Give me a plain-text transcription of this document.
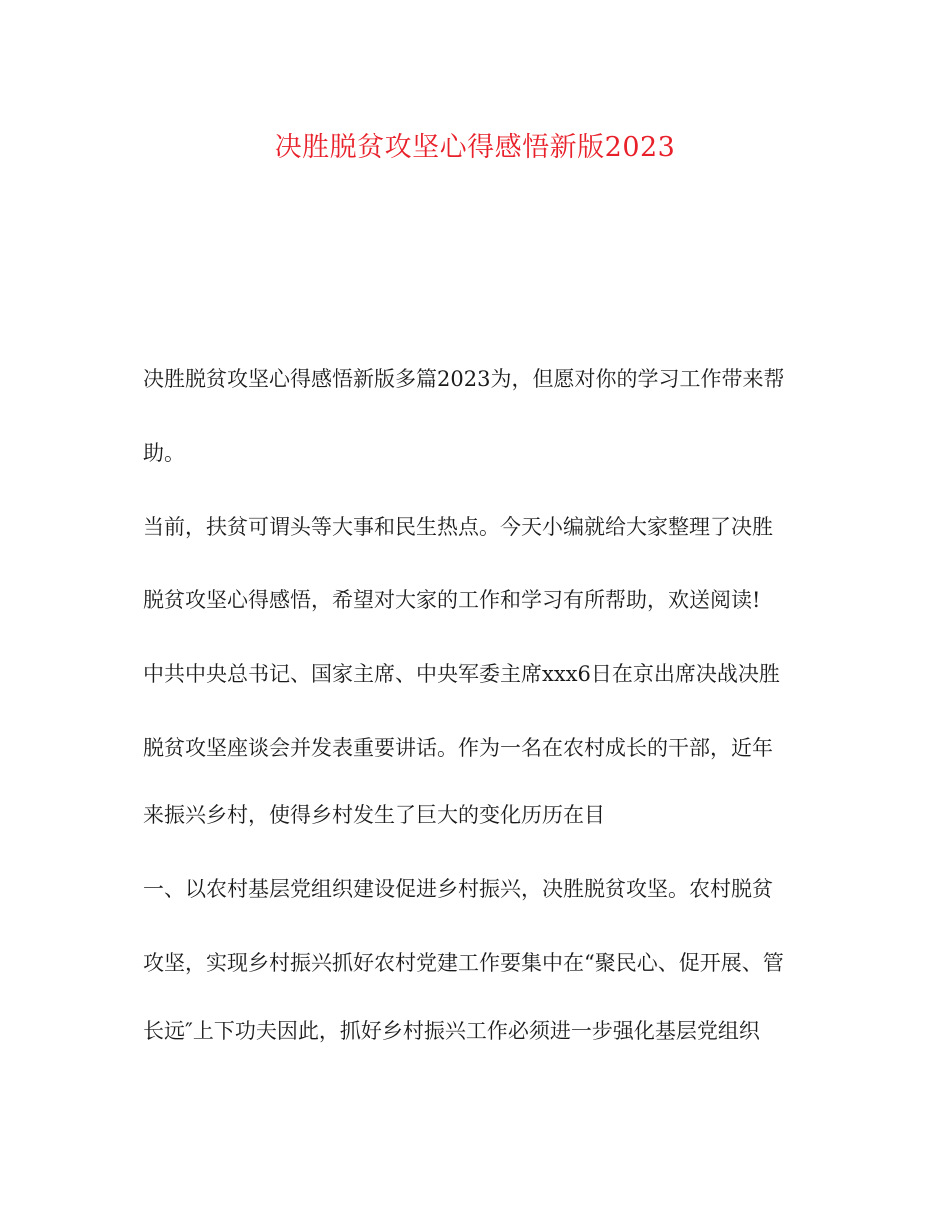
决胜脱贫攻坚心得感悟新版2023
决胜脱贫攻坚心得感悟新版多篇2023为，但愿对你的学习工作带来帮
助。
当前，扶贫可谓头等大事和民生热点。今天小编就给大家整理了决胜
脱贫攻坚心得感悟，希望对大家的工作和学习有所帮助，欢送阅读!
中共中央总书记、国家主席、中央军委主席xxx6日在京出席决战决胜
脱贫攻坚座谈会并发表重要讲话。作为一名在农村成长的干部，近年
来振兴乡村，使得乡村发生了巨大的变化历历在目
一、以农村基层党组织建设促进乡村振兴，决胜脱贫攻坚。农村脱贫
攻坚，实现乡村振兴抓好农村党建工作要集中在“聚民心、促开展、管
长远″上下功夫因此，抓好乡村振兴工作必须进一步强化基层党组织
